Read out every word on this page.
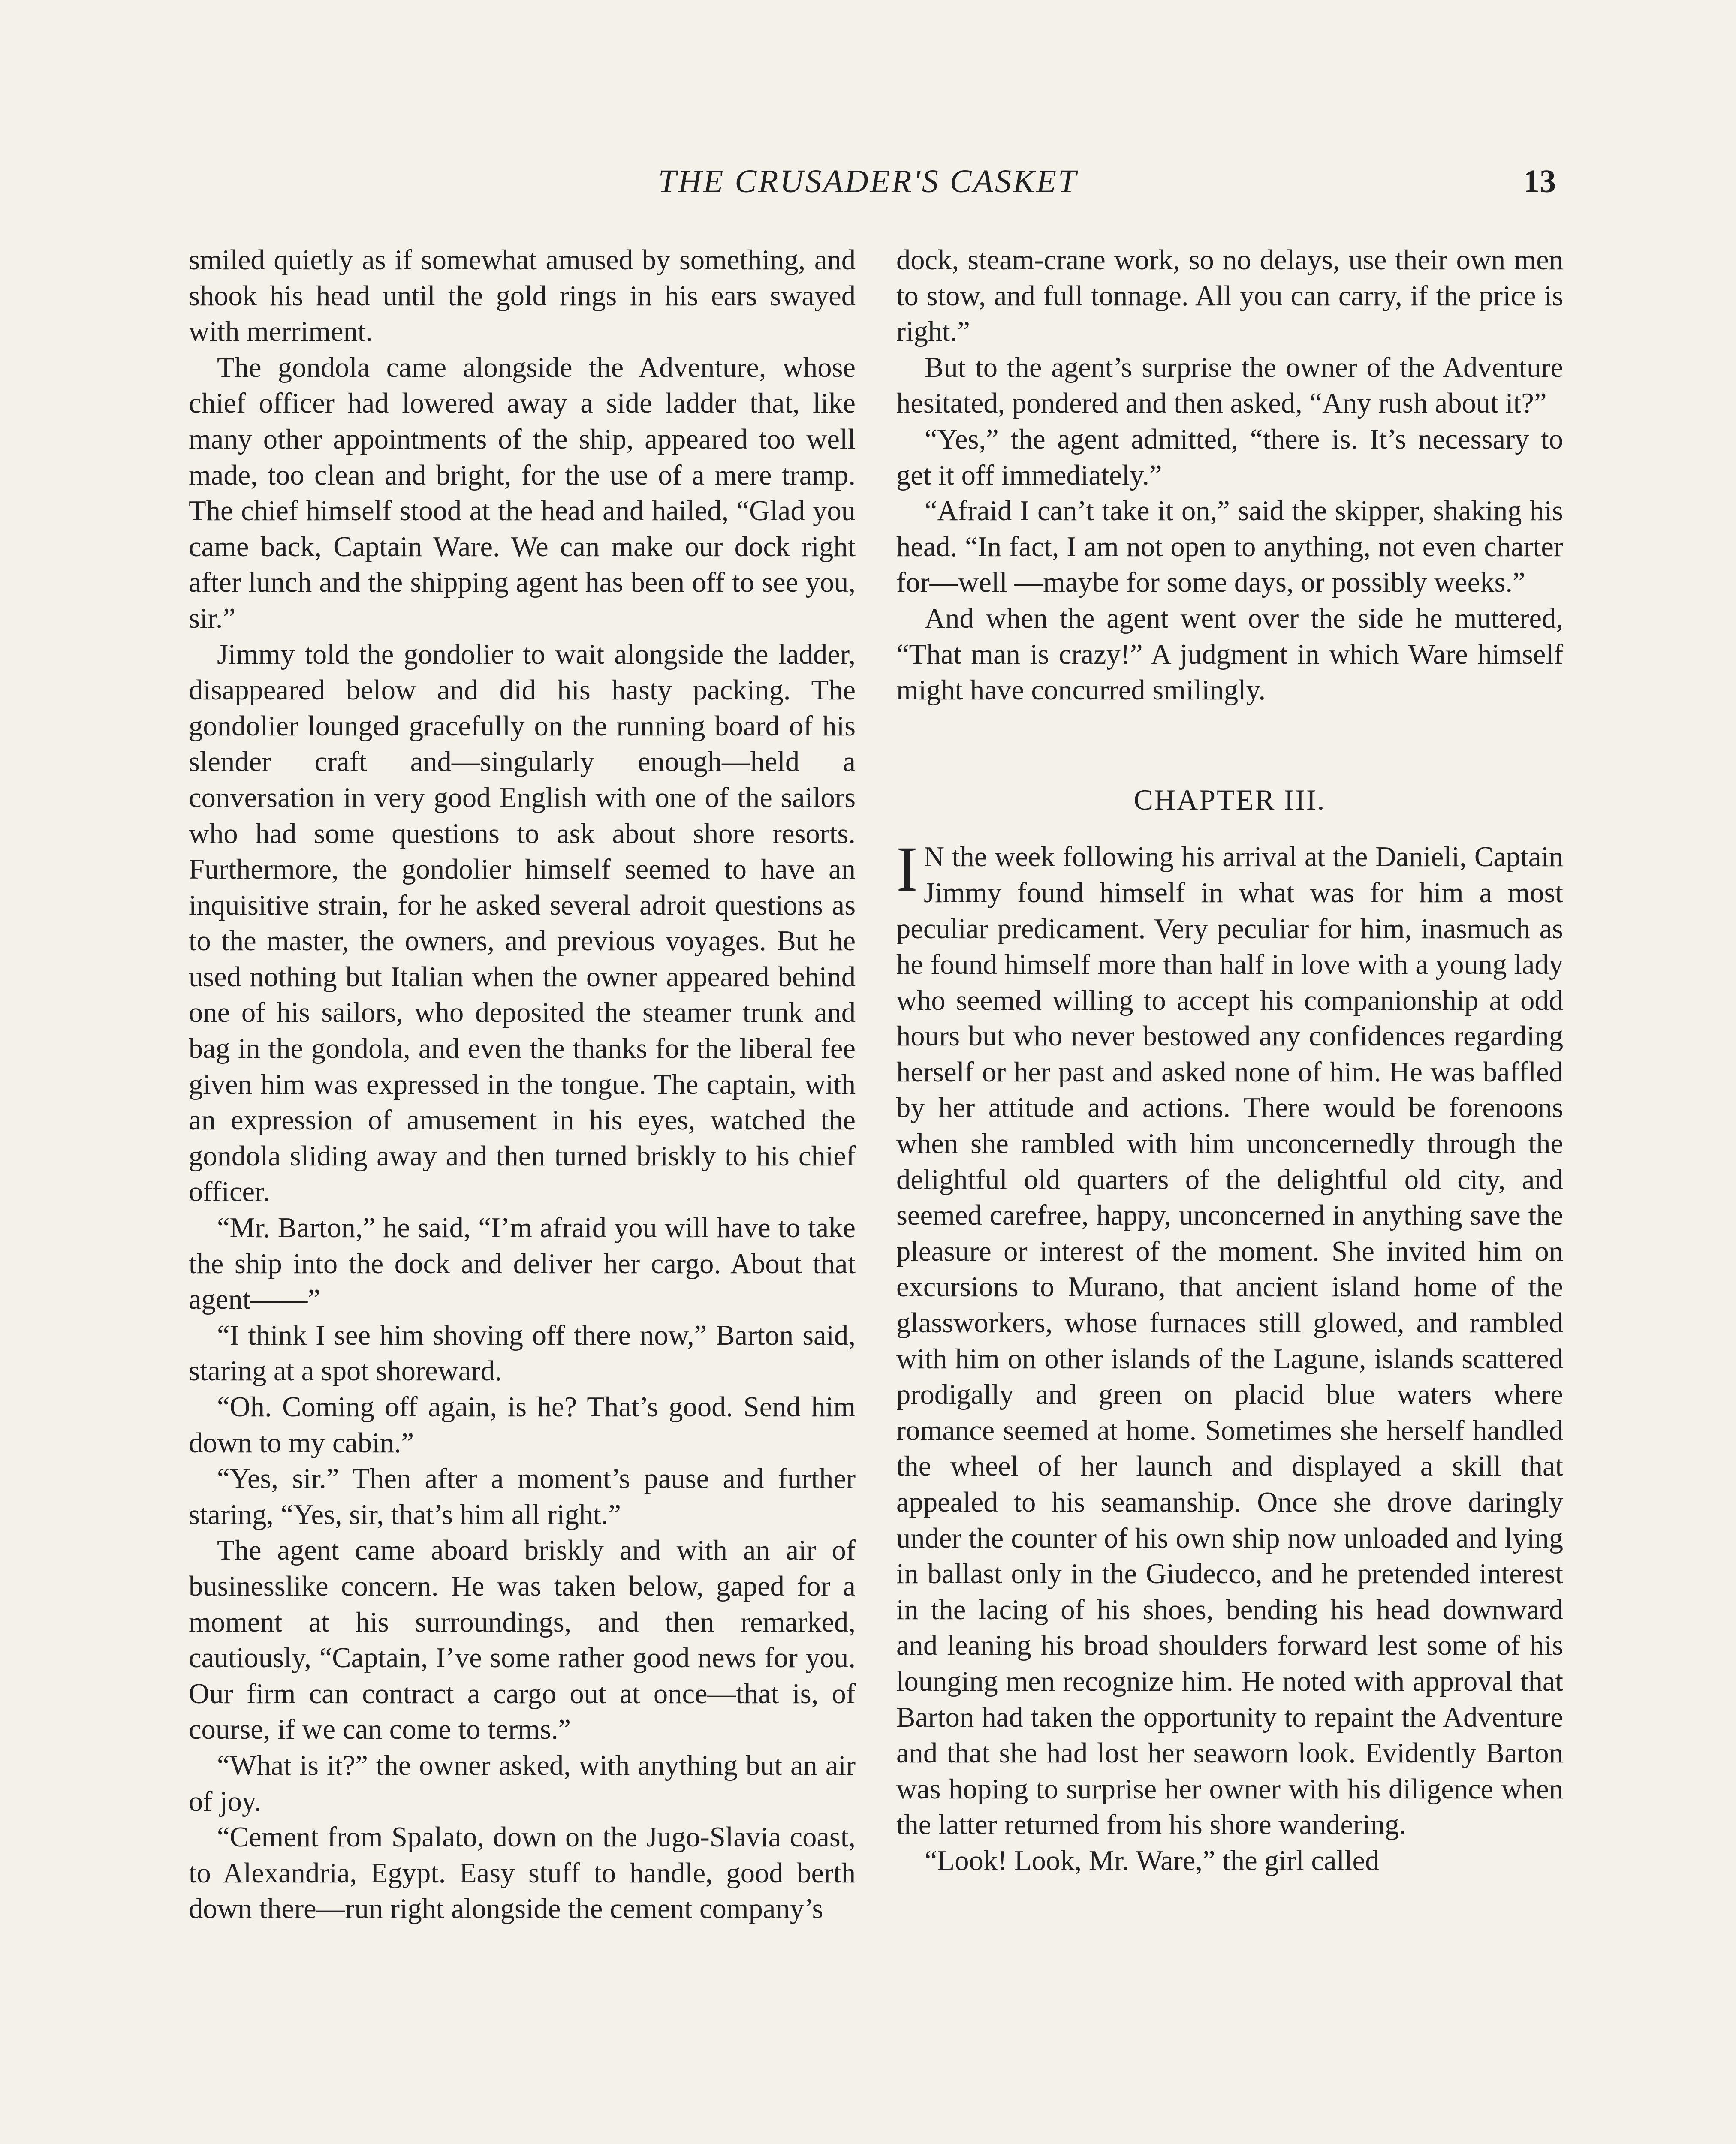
THE CRUSADER'S CASKET	13

smiled quietly as if somewhat amused by something, and shook his head until the gold rings in his ears swayed with merriment.

The gondola came alongside the Adventure, whose chief officer had lowered away a side ladder that, like many other appointments of the ship, appeared too well made, too clean and bright, for the use of a mere tramp. The chief himself stood at the head and hailed, “Glad you came back, Captain Ware. We can make our dock right after lunch and the shipping agent has been off to see you, sir.”

Jimmy told the gondolier to wait alongside the ladder, disappeared below and did his hasty packing. The gondolier lounged gracefully on the running board of his slender craft and—singularly enough—held a conversation in very good English with one of the sailors who had some questions to ask about shore resorts. Furthermore, the gondolier himself seemed to have an inquisitive strain, for he asked several adroit questions as to the master, the owners, and previous voyages. But he used nothing but Italian when the owner appeared behind one of his sailors, who deposited the steamer trunk and bag in the gondola, and even the thanks for the liberal fee given him was expressed in the tongue. The captain, with an expression of amusement in his eyes, watched the gondola sliding away and then turned briskly to his chief officer.

“Mr. Barton,” he said, “I’m afraid you will have to take the ship into the dock and deliver her cargo. About that agent——”

“I think I see him shoving off there now,” Barton said, staring at a spot shoreward.

“Oh. Coming off again, is he? That’s good. Send him down to my cabin.”

“Yes, sir.” Then after a moment’s pause and further staring, “Yes, sir, that’s him all right.”

The agent came aboard briskly and with an air of businesslike concern. He was taken below, gaped for a moment at his surroundings, and then remarked, cautiously, “Captain, I’ve some rather good news for you. Our firm can contract a cargo out at once—that is, of course, if we can come to terms.”

“What is it?” the owner asked, with anything but an air of joy.

“Cement from Spalato, down on the Jugo-Slavia coast, to Alexandria, Egypt. Easy stuff to handle, good berth down there—run right alongside the cement company’s

dock, steam-crane work, so no delays, use their own men to stow, and full tonnage. All you can carry, if the price is right.”

But to the agent’s surprise the owner of the Adventure hesitated, pondered and then asked, “Any rush about it?”

“Yes,” the agent admitted, “there is. It’s necessary to get it off immediately.”

“Afraid I can’t take it on,” said the skipper, shaking his head. “In fact, I am not open to anything, not even charter for—well —maybe for some days, or possibly weeks.”

And when the agent went over the side he muttered, “That man is crazy!” A judgment in which Ware himself might have concurred smilingly.

CHAPTER III.

I N the week following his arrival at the Danieli, Captain Jimmy found himself in what was for him a most peculiar predicament. Very peculiar for him, inasmuch as he found himself more than half in love with a young lady who seemed willing to accept his companionship at odd hours but who never bestowed any confidences regarding herself or her past and asked none of him. He was baffled by her attitude and actions. There would be forenoons when she rambled with him unconcernedly through the delightful old quarters of the delightful old city, and seemed carefree, happy, unconcerned in anything save the pleasure or interest of the moment. She invited him on excursions to Murano, that ancient island home of the glassworkers, whose furnaces still glowed, and rambled with him on other islands of the Lagune, islands scattered prodigally and green on placid blue waters where romance seemed at home. Sometimes she herself handled the wheel of her launch and displayed a skill that appealed to his seamanship. Once she drove daringly under the counter of his own ship now unloaded and lying in ballast only in the Giudecco, and he pretended interest in the lacing of his shoes, bending his head downward and leaning his broad shoulders forward lest some of his lounging men recognize him. He noted with approval that Barton had taken the opportunity to repaint the Adventure and that she had lost her seaworn look. Evidently Barton was hoping to surprise her owner with his diligence when the latter returned from his shore wandering.

“Look! Look, Mr. Ware,” the girl called
